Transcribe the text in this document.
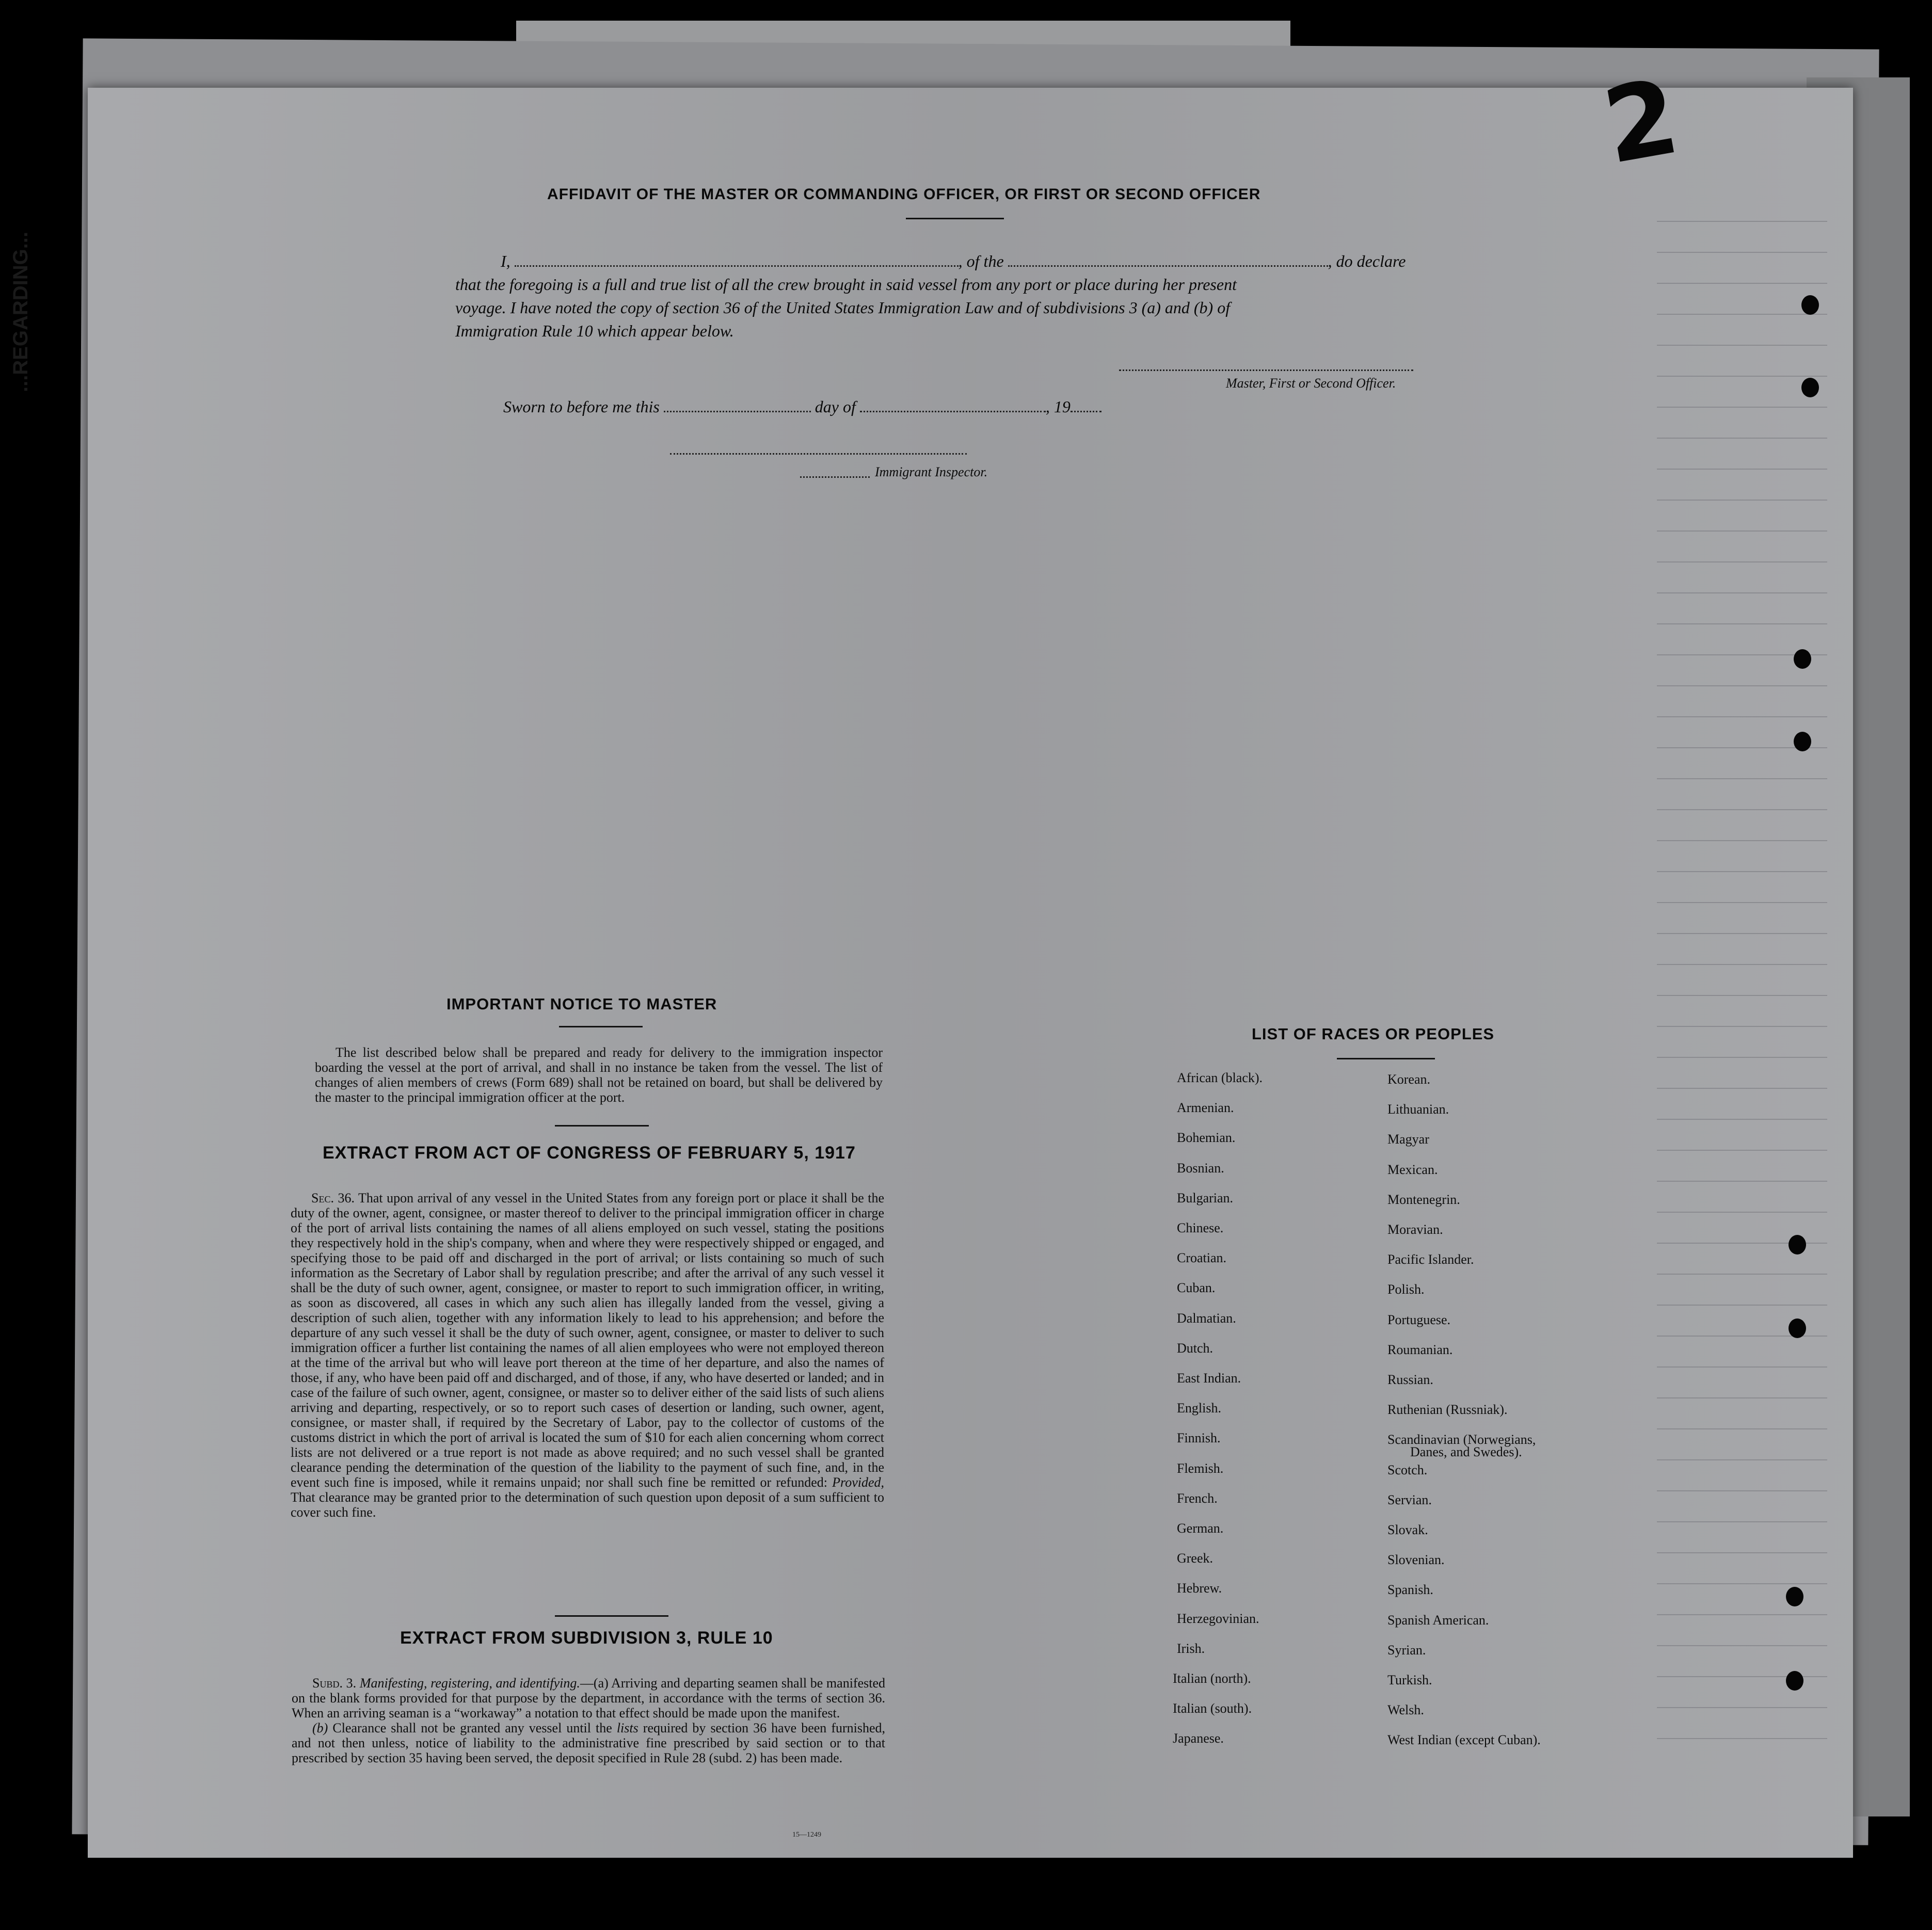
AFFIDAVIT OF THE MASTER OR COMMANDING OFFICER, OR FIRST OR SECOND OFFICER
I,	, of the	, do declare
that the foregoing is a full and true list of all the crew brought in said vessel from any port or place during her present
voyage. I have noted the copy of section 36 of the United States Immigration Law and of subdivisions 3 (a) and (b) of
Immigration Rule 10 which appear below.
Master, First or Second Officer.
Sworn to before me this	day of	, 19
Immigrant Inspector.
IMPORTANT NOTICE TO MASTER
The list described below shall be prepared and ready for delivery to the immigration inspector boarding the vessel at the port of arrival, and shall in no instance be taken from the vessel. The list of changes of alien members of crews (Form 689) shall not be retained on board, but shall be delivered by the master to the principal immigration officer at the port.
EXTRACT FROM ACT OF CONGRESS OF FEBRUARY 5, 1917
Sec. 36. That upon arrival of any vessel in the United States from any foreign port or place it shall be the duty of the owner, agent, consignee, or master thereof to deliver to the principal immigration officer in charge of the port of arrival lists containing the names of all aliens employed on such vessel, stating the positions they respectively hold in the ship's company, when and where they were respectively shipped or engaged, and specifying those to be paid off and discharged in the port of arrival; or lists containing so much of such information as the Secretary of Labor shall by regulation prescribe; and after the arrival of any such vessel it shall be the duty of such owner, agent, consignee, or master to report to such immigration officer, in writing, as soon as discovered, all cases in which any such alien has illegally landed from the vessel, giving a description of such alien, together with any information likely to lead to his apprehension; and before the departure of any such vessel it shall be the duty of such owner, agent, consignee, or master to deliver to such immigration officer a further list containing the names of all alien employees who were not employed thereon at the time of the arrival but who will leave port thereon at the time of her departure, and also the names of those, if any, who have been paid off and discharged, and of those, if any, who have deserted or landed; and in case of the failure of such owner, agent, consignee, or master so to deliver either of the said lists of such aliens arriving and departing, respectively, or so to report such cases of desertion or landing, such owner, agent, consignee, or master shall, if required by the Secretary of Labor, pay to the collector of customs of the customs district in which the port of arrival is located the sum of $10 for each alien concerning whom correct lists are not delivered or a true report is not made as above required; and no such vessel shall be granted clearance pending the determination of the question of the liability to the payment of such fine, and, in the event such fine is imposed, while it remains unpaid; nor shall such fine be remitted or refunded: Provided, That clearance may be granted prior to the determination of such question upon deposit of a sum sufficient to cover such fine.
EXTRACT FROM SUBDIVISION 3, RULE 10
Subd. 3. Manifesting, registering, and identifying.—(a) Arriving and departing seamen shall be manifested on the blank forms provided for that purpose by the department, in accordance with the terms of section 36. When an arriving seaman is a “workaway” a notation to that effect should be made upon the manifest.
(b) Clearance shall not be granted any vessel until the lists required by section 36 have been furnished, and not then unless, notice of liability to the administrative fine prescribed by said section or to that prescribed by section 35 having been served, the deposit specified in Rule 28 (subd. 2) has been made.
15—1249
LIST OF RACES OR PEOPLES
African (black).
Armenian.
Bohemian.
Bosnian.
Bulgarian.
Chinese.
Croatian.
Cuban.
Dalmatian.
Dutch.
East Indian.
English.
Finnish.
Flemish.
French.
German.
Greek.
Hebrew.
Herzegovinian.
Irish.
Italian (north).
Italian (south).
Japanese.
Korean.
Lithuanian.
Magyar
Mexican.
Montenegrin.
Moravian.
Pacific Islander.
Polish.
Portuguese.
Roumanian.
Russian.
Ruthenian (Russniak).
Scandinavian (Norwegians,
Danes, and Swedes).
Scotch.
Servian.
Slovak.
Slovenian.
Spanish.
Spanish American.
Syrian.
Turkish.
Welsh.
West Indian (except Cuban).
...REGARDING...
2
